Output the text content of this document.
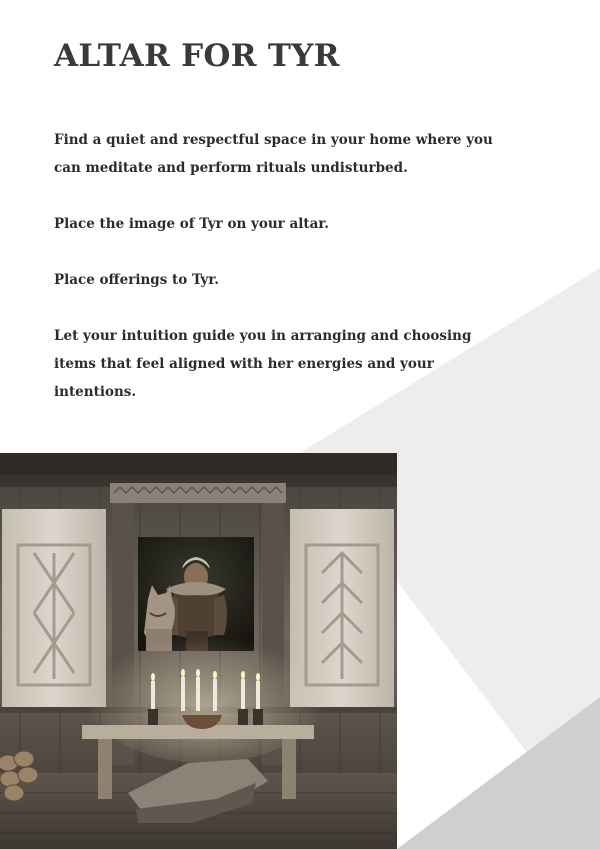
ALTAR FOR TYR

Find a quiet and respectful space in your home where you can meditate and perform rituals undisturbed.

Place the image of Tyr on your altar.

Place offerings to Tyr.

Let your intuition guide you in arranging and choosing items that feel aligned with her energies and your intentions.
